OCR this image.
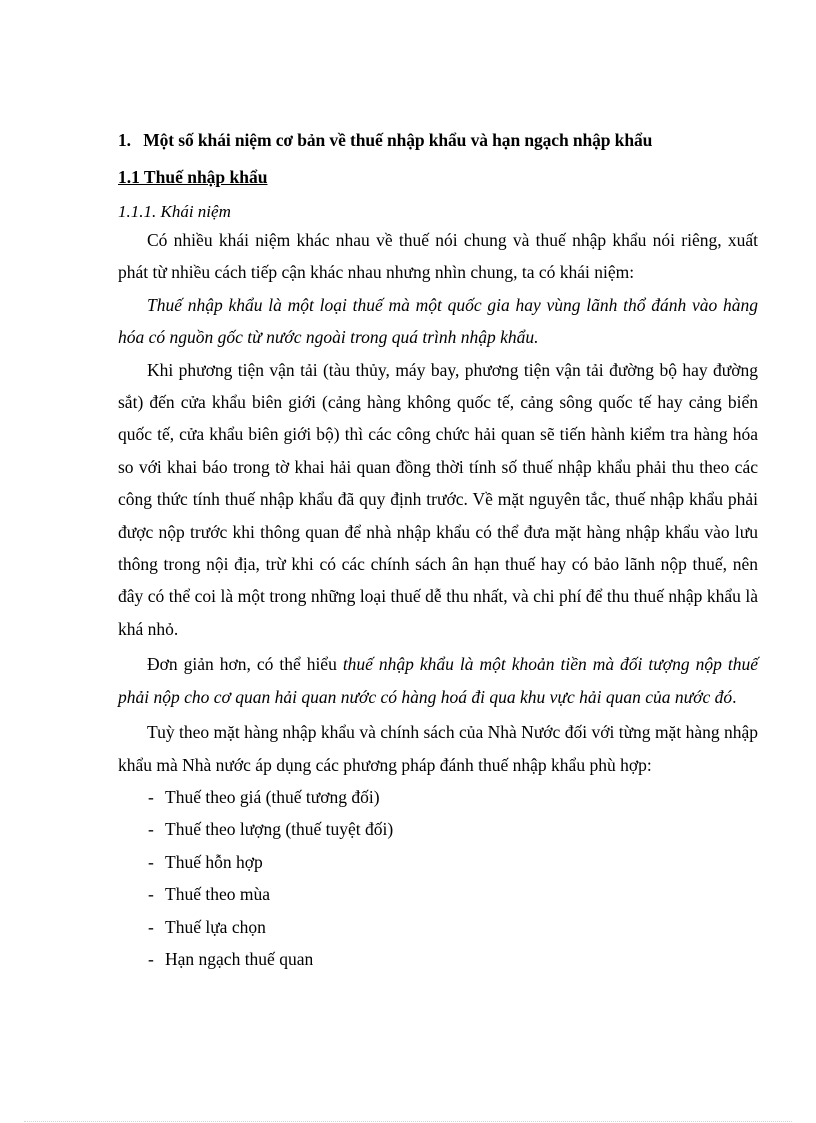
1. Một số khái niệm cơ bản về thuế nhập khẩu và hạn ngạch nhập khẩu
1.1 Thuế nhập khẩu
1.1.1. Khái niệm

Có nhiều khái niệm khác nhau về thuế nói chung và thuế nhập khẩu nói riêng, xuất phát từ nhiều cách tiếp cận khác nhau nhưng nhìn chung, ta có khái niệm:

Thuế nhập khẩu là một loại thuế mà một quốc gia hay vùng lãnh thổ đánh vào hàng hóa có nguồn gốc từ nước ngoài trong quá trình nhập khẩu.

Khi phương tiện vận tải (tàu thủy, máy bay, phương tiện vận tải đường bộ hay đường sắt) đến cửa khẩu biên giới (cảng hàng không quốc tế, cảng sông quốc tế hay cảng biển quốc tế, cửa khẩu biên giới bộ) thì các công chức hải quan sẽ tiến hành kiểm tra hàng hóa so với khai báo trong tờ khai hải quan đồng thời tính số thuế nhập khẩu phải thu theo các công thức tính thuế nhập khẩu đã quy định trước. Về mặt nguyên tắc, thuế nhập khẩu phải được nộp trước khi thông quan để nhà nhập khẩu có thể đưa mặt hàng nhập khẩu vào lưu thông trong nội địa, trừ khi có các chính sách ân hạn thuế hay có bảo lãnh nộp thuế, nên đây có thể coi là một trong những loại thuế dễ thu nhất, và chi phí để thu thuế nhập khẩu là khá nhỏ.

Đơn giản hơn, có thể hiểu thuế nhập khẩu là một khoản tiền mà đối tượng nộp thuế phải nộp cho cơ quan hải quan nước có hàng hoá đi qua khu vực hải quan của nước đó.

Tuỳ theo mặt hàng nhập khẩu và chính sách của Nhà Nước đối với từng mặt hàng nhập khẩu mà Nhà nước áp dụng các phương pháp đánh thuế nhập khẩu phù hợp:

- Thuế theo giá (thuế tương đối)
- Thuế theo lượng (thuế tuyệt đối)
- Thuế hỗn hợp
- Thuế theo mùa
- Thuế lựa chọn
- Hạn ngạch thuế quan
